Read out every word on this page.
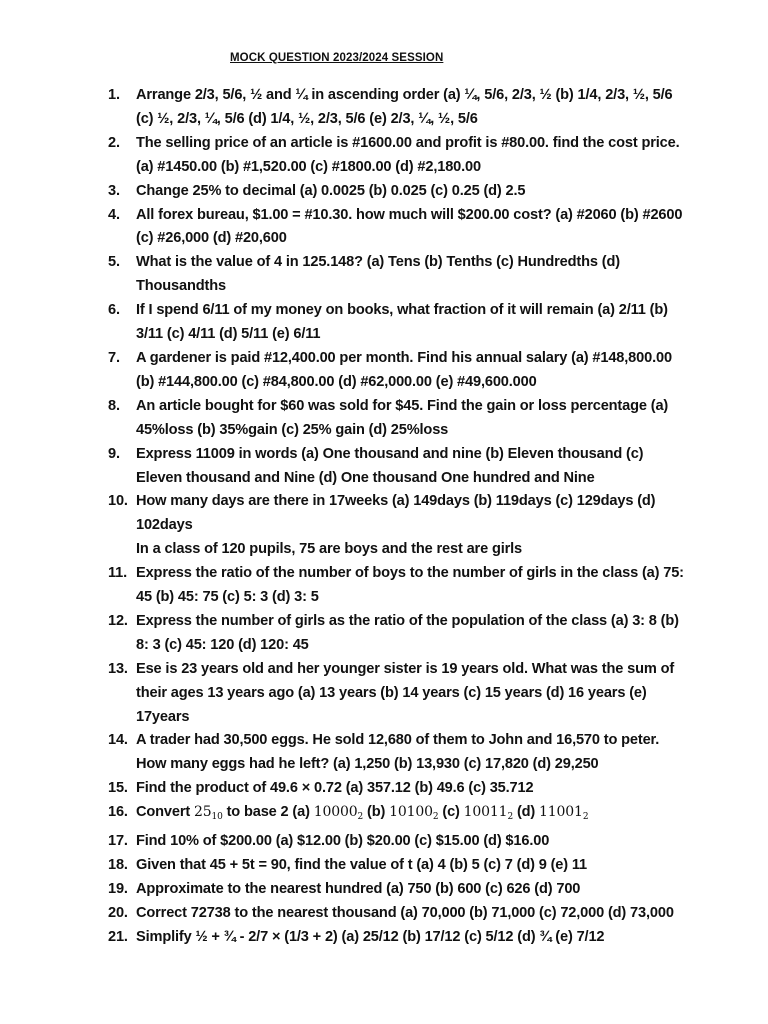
MOCK QUESTION 2023/2024 SESSION
1.	Arrange 2/3, 5/6, ½ and ¼ in ascending order (a) ¼, 5/6, 2/3, ½ (b) 1/4, 2/3, ½, 5/6 (c) ½, 2/3, ¼, 5/6 (d) 1/4, ½, 2/3, 5/6 (e) 2/3, ¼, ½, 5/6
2.	The selling price of an article is #1600.00 and profit is #80.00. find the cost price. (a) #1450.00 (b) #1,520.00 (c) #1800.00 (d) #2,180.00
3.	Change 25% to decimal (a) 0.0025 (b) 0.025 (c) 0.25 (d) 2.5
4.	All forex bureau, $1.00 = #10.30. how much will $200.00 cost? (a) #2060 (b) #2600 (c) #26,000 (d) #20,600
5.	What is the value of 4 in 125.148? (a) Tens (b) Tenths (c) Hundredths (d) Thousandths
6.	If I spend 6/11 of my money on books, what fraction of it will remain (a) 2/11 (b) 3/11 (c) 4/11 (d) 5/11 (e) 6/11
7.	A gardener is paid #12,400.00 per month. Find his annual salary (a) #148,800.00 (b) #144,800.00 (c) #84,800.00 (d) #62,000.00 (e) #49,600.000
8.	An article bought for $60 was sold for $45. Find the gain or loss percentage (a) 45%loss (b) 35%gain (c) 25% gain (d) 25%loss
9.	Express 11009 in words (a) One thousand and nine (b) Eleven thousand (c) Eleven thousand and Nine (d) One thousand One hundred and Nine
10. How many days are there in 17weeks (a) 149days (b) 119days (c) 129days (d) 102days
In a class of 120 pupils, 75 are boys and the rest are girls
11. Express the ratio of the number of boys to the number of girls in the class (a) 75: 45 (b) 45: 75 (c) 5: 3 (d) 3: 5
12. Express the number of girls as the ratio of the population of the class (a) 3: 8 (b) 8: 3 (c) 45: 120 (d) 120: 45
13. Ese is 23 years old and her younger sister is 19 years old. What was the sum of their ages 13 years ago (a) 13 years (b) 14 years (c) 15 years (d) 16 years (e) 17years
14. A trader had 30,500 eggs. He sold 12,680 of them to John and 16,570 to peter. How many eggs had he left? (a) 1,250 (b) 13,930 (c) 17,820 (d) 29,250
15. Find the product of 49.6 × 0.72 (a) 357.12 (b) 49.6 (c) 35.712
16. Convert $25_{10}$ to base 2 (a) $10000_2$ (b) $10100_2$ (c) $10011_2$ (d) $11001_2$
17. Find 10% of $200.00 (a) $12.00 (b) $20.00 (c) $15.00 (d) $16.00
18. Given that 45 + 5t = 90, find the value of t (a) 4 (b) 5 (c) 7 (d) 9 (e) 11
19. Approximate to the nearest hundred (a) 750 (b) 600 (c) 626 (d) 700
20. Correct 72738 to the nearest thousand (a) 70,000 (b) 71,000 (c) 72,000 (d) 73,000
21. Simplify ½ + ¾ - 2/7 × (1/3 + 2) (a) 25/12 (b) 17/12 (c) 5/12 (d) ¾ (e) 7/12
